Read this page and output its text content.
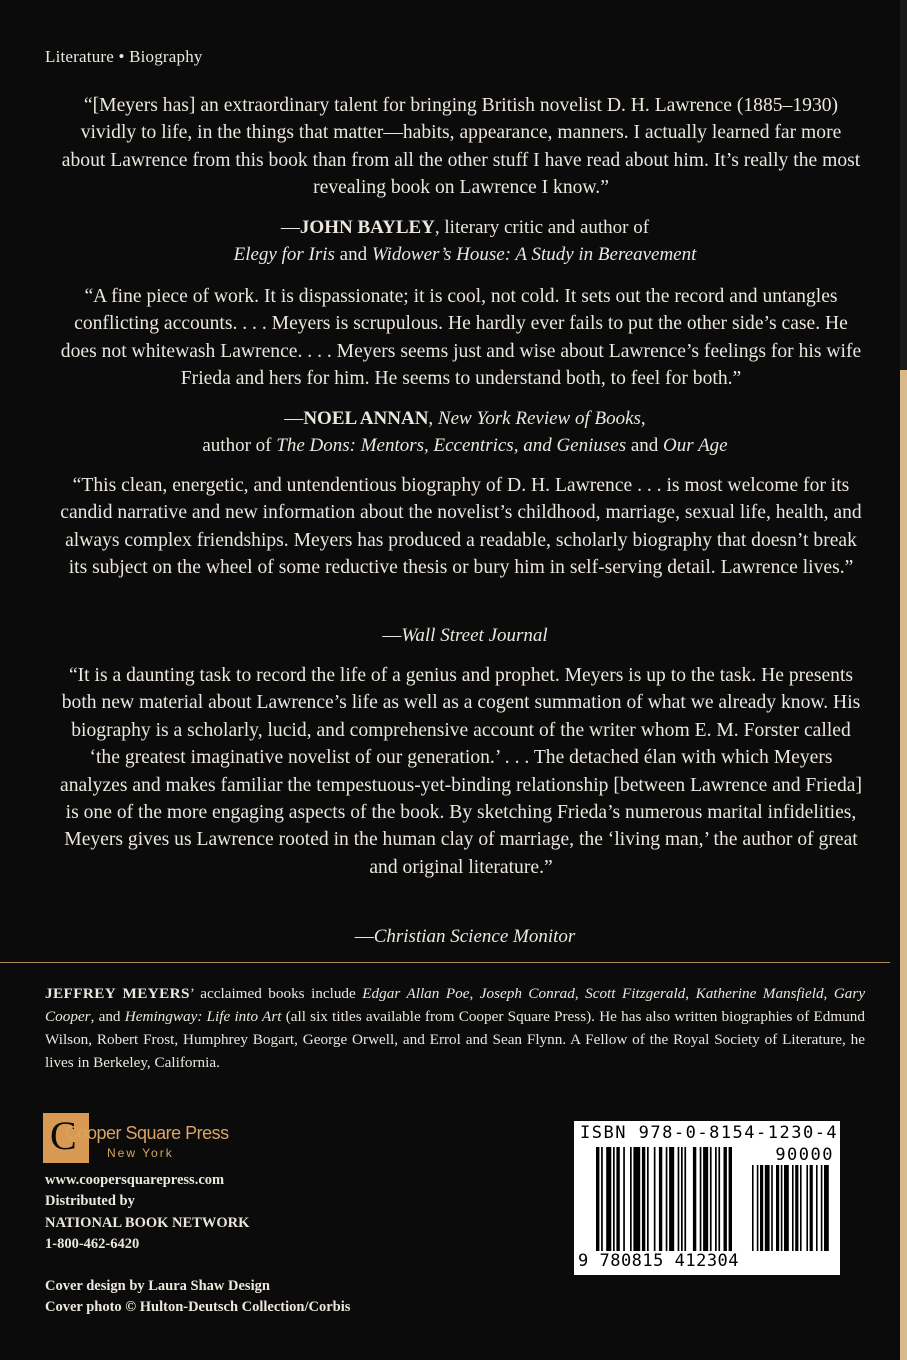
Literature • Biography
“[Meyers has] an extraordinary talent for bringing British novelist D. H. Lawrence (1885–1930) vividly to life, in the things that matter—habits, appearance, manners. I actually learned far more about Lawrence from this book than from all the other stuff I have read about him. It’s really the most revealing book on Lawrence I know.”
—JOHN BAYLEY, literary critic and author of
Elegy for Iris and Widower’s House: A Study in Bereavement
“A fine piece of work. It is dispassionate; it is cool, not cold. It sets out the record and untangles conflicting accounts. . . . Meyers is scrupulous. He hardly ever fails to put the other side’s case. He does not whitewash Lawrence. . . . Meyers seems just and wise about Lawrence’s feelings for his wife Frieda and hers for him. He seems to understand both, to feel for both.”
—NOEL ANNAN, New York Review of Books,
author of The Dons: Mentors, Eccentrics, and Geniuses and Our Age
“This clean, energetic, and untendentious biography of D. H. Lawrence . . . is most welcome for its candid narrative and new information about the novelist’s childhood, marriage, sexual life, health, and always complex friendships. Meyers has produced a readable, scholarly biography that doesn’t break its subject on the wheel of some reductive thesis or bury him in self-serving detail. Lawrence lives.”
—Wall Street Journal
“It is a daunting task to record the life of a genius and prophet. Meyers is up to the task. He presents both new material about Lawrence’s life as well as a cogent summation of what we already know. His biography is a scholarly, lucid, and comprehensive account of the writer whom E. M. Forster called ‘the greatest imaginative novelist of our generation.’ . . . The detached élan with which Meyers analyzes and makes familiar the tempestuous-yet-binding relationship [between Lawrence and Frieda] is one of the more engaging aspects of the book. By sketching Frieda’s numerous marital infidelities, Meyers gives us Lawrence rooted in the human clay of marriage, the ‘living man,’ the author of great and original literature.”
—Christian Science Monitor
JEFFREY MEYERS’ acclaimed books include Edgar Allan Poe, Joseph Conrad, Scott Fitzgerald, Katherine Mansfield, Gary Cooper, and Hemingway: Life into Art (all six titles available from Cooper Square Press). He has also written biographies of Edmund Wilson, Robert Frost, Humphrey Bogart, George Orwell, and Errol and Sean Flynn. A Fellow of the Royal Society of Literature, he lives in Berkeley, California.
C
Cooper Square Press
New York
www.coopersquarepress.com
Distributed by
NATIONAL BOOK NETWORK
1-800-462-6420
Cover design by Laura Shaw Design
Cover photo © Hulton-Deutsch Collection/Corbis
ISBN 978-0-8154-1230-4
90000
9 780815 412304
